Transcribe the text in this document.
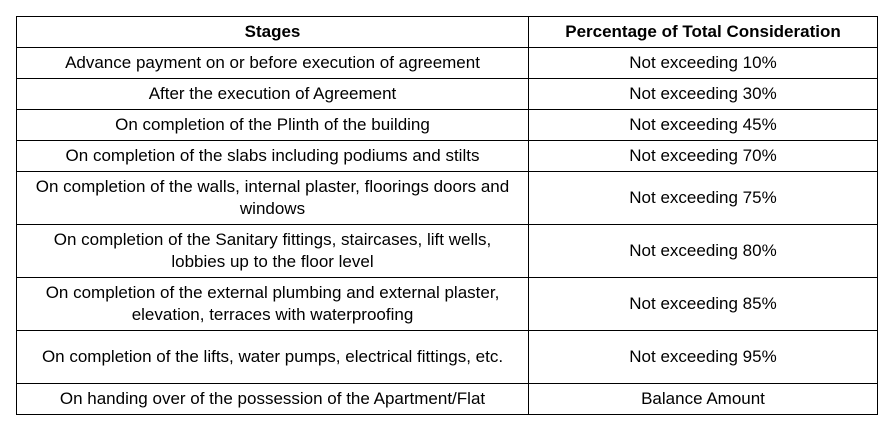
Stages	Percentage of Total Consideration
Advance payment on or before execution of agreement	Not exceeding 10%
After the execution of Agreement	Not exceeding 30%
On completion of the Plinth of the building	Not exceeding 45%
On completion of the slabs including podiums and stilts	Not exceeding 70%
On completion of the walls, internal plaster, floorings doors and windows	Not exceeding 75%
On completion of the Sanitary fittings, staircases, lift wells, lobbies up to the floor level	Not exceeding 80%
On completion of the external plumbing and external plaster, elevation, terraces with waterproofing	Not exceeding 85%
On completion of the lifts, water pumps, electrical fittings, etc.	Not exceeding 95%
On handing over of the possession of the Apartment/Flat	Balance Amount
